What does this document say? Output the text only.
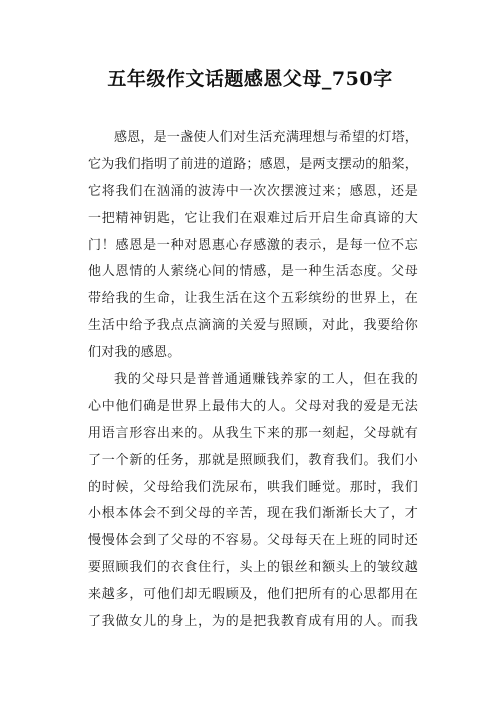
五年级作文话题感恩父母_750字
感恩，是一盏使人们对生活充满理想与希望的灯塔，
它为我们指明了前进的道路；感恩，是两支摆动的船桨，
它将我们在汹涌的波涛中一次次摆渡过来；感恩，还是
一把精神钥匙，它让我们在艰难过后开启生命真谛的大
门！感恩是一种对恩惠心存感激的表示，是每一位不忘
他人恩情的人萦绕心间的情感，是一种生活态度。父母
带给我的生命，让我生活在这个五彩缤纷的世界上，在
生活中给予我点点滴滴的关爱与照顾，对此，我要给你
们对我的感恩。
我的父母只是普普通通赚钱养家的工人，但在我的
心中他们确是世界上最伟大的人。父母对我的爱是无法
用语言形容出来的。从我生下来的那一刻起，父母就有
了一个新的任务，那就是照顾我们，教育我们。我们小
的时候，父母给我们洗尿布，哄我们睡觉。那时，我们
小根本体会不到父母的辛苦，现在我们渐渐长大了，才
慢慢体会到了父母的不容易。父母每天在上班的同时还
要照顾我们的衣食住行，头上的银丝和额头上的皱纹越
来越多，可他们却无暇顾及，他们把所有的心思都用在
了我做女儿的身上，为的是把我教育成有用的人。而我
